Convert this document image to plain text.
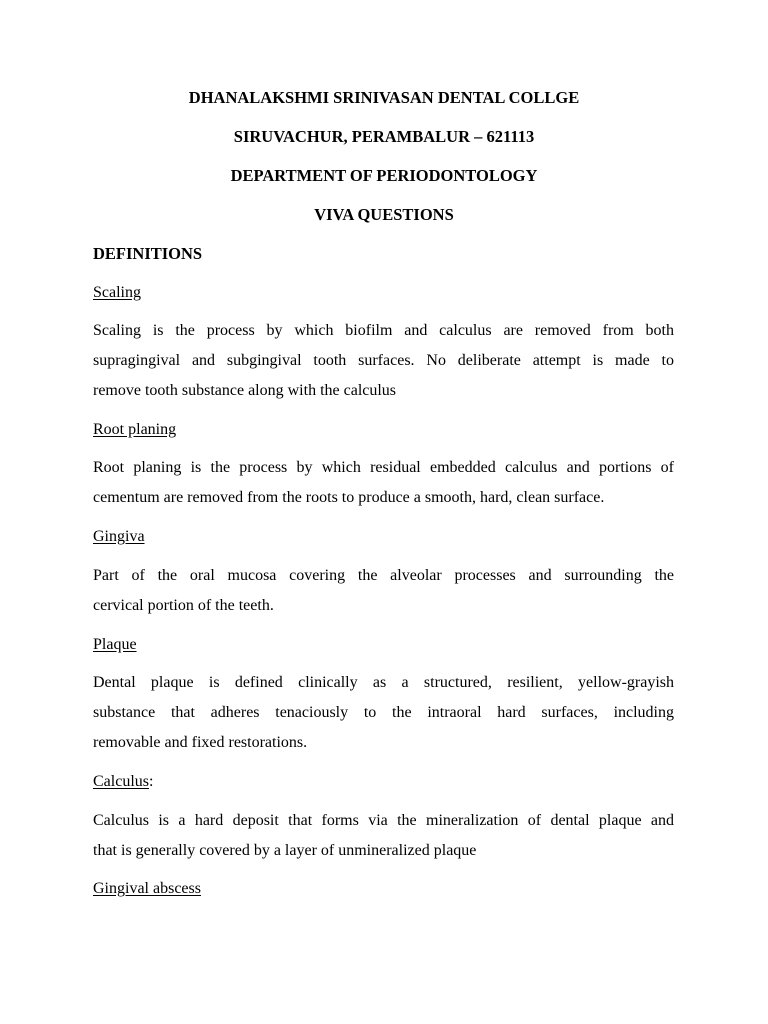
DHANALAKSHMI SRINIVASAN DENTAL COLLGE
SIRUVACHUR, PERAMBALUR – 621113
DEPARTMENT OF PERIODONTOLOGY
VIVA QUESTIONS
DEFINITIONS
Scaling
Scaling is the process by which biofilm and calculus are removed from both
supragingival and subgingival tooth surfaces. No deliberate attempt is made to
remove tooth substance along with the calculus
Root planing
Root planing is the process by which residual embedded calculus and portions of
cementum are removed from the roots to produce a smooth, hard, clean surface.
Gingiva
Part of the oral mucosa covering the alveolar processes and surrounding the
cervical portion of the teeth.
Plaque
Dental plaque is defined clinically as a structured, resilient, yellow-grayish
substance that adheres tenaciously to the intraoral hard surfaces, including
removable and fixed restorations.
Calculus:
Calculus is a hard deposit that forms via the mineralization of dental plaque and
that is generally covered by a layer of unmineralized plaque
Gingival abscess
